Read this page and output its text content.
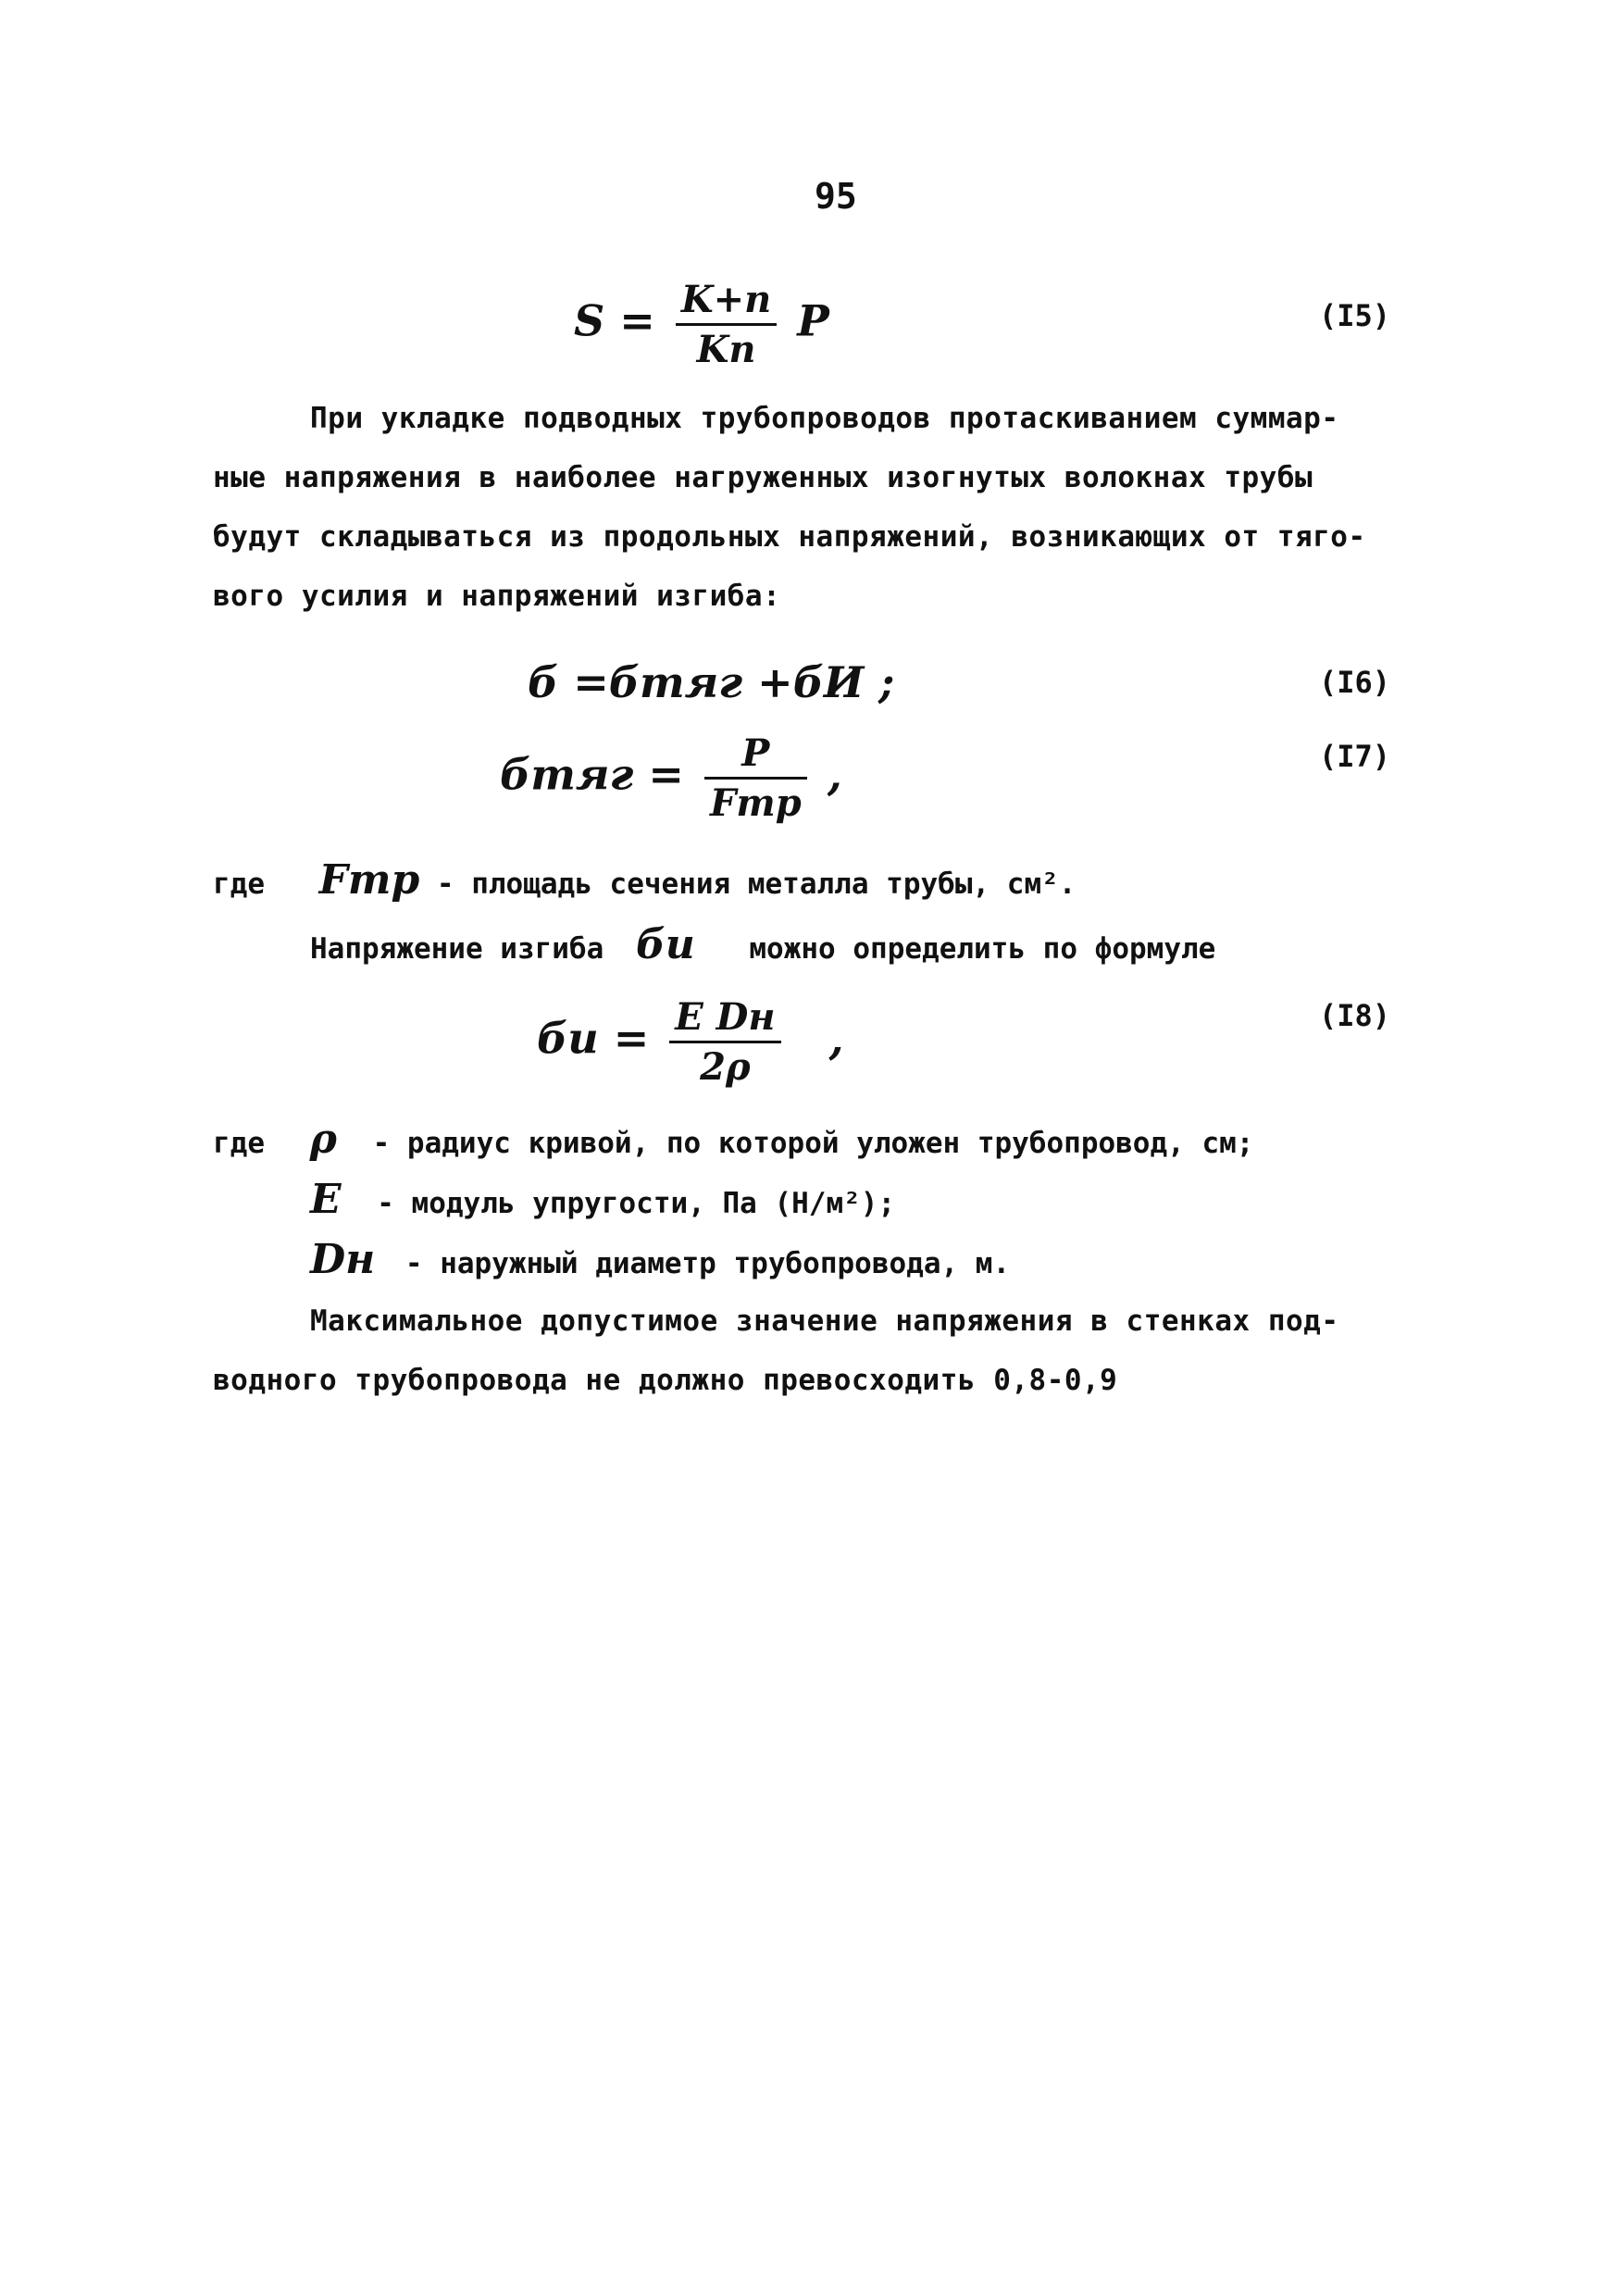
95
$S = \frac{K+n}{Kn}$ P	(I5)
При укладке подводных трубопроводов протаскиванием суммар-
ные напряжения в наиболее нагруженных изогнутых волокнах трубы
будут складываться из продольных напряжений, возникающих от тяго-
вого усилия и напряжений изгиба:
б =бтяг +бИ ;	(I6)
бтяг = $\frac{P}{\text{Fтр}}$ ,	(I7)
где Fтр - площадь сечения металла трубы, см².
Напряжение изгиба бu можно определить по формуле
бu = $\frac{\text{E Dн}}{2\rho}$ ,	(I8)
где ρ - радиус кривой, по которой уложен трубопровод, см;
E - модуль упругости, Па (Н/м²);
Dн - наружный диаметр трубопровода, м.
Максимальное допустимое значение напряжения в стенках под-
водного трубопровода не должно превосходить 0,8-0,9
